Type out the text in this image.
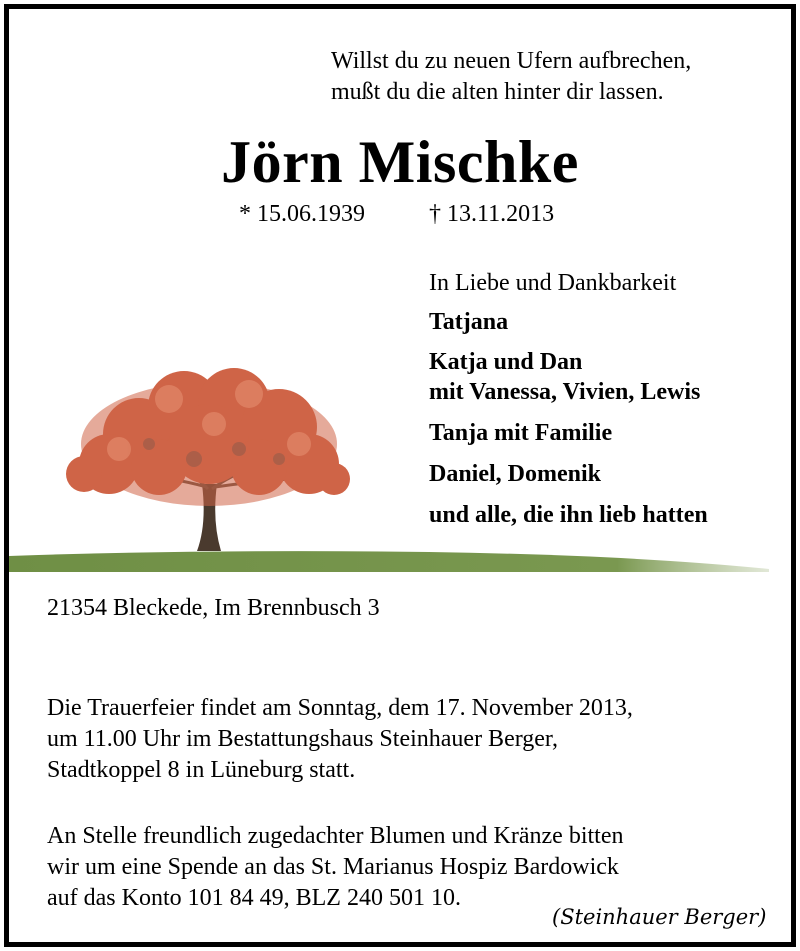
Willst du zu neuen Ufern aufbrechen,
mußt du die alten hinter dir lassen.
Jörn Mischke
* 15.06.1939	† 13.11.2013
In Liebe und Dankbarkeit
Tatjana
Katja und Dan
mit Vanessa, Vivien, Lewis
Tanja mit Familie
Daniel, Domenik
und alle, die ihn lieb hatten
21354 Bleckede, Im Brennbusch 3
Die Trauerfeier findet am Sonntag, dem 17. November 2013,
um 11.00 Uhr im Bestattungshaus Steinhauer Berger,
Stadtkoppel 8 in Lüneburg statt.
An Stelle freundlich zugedachter Blumen und Kränze bitten
wir um eine Spende an das St. Marianus Hospiz Bardowick
auf das Konto 101 84 49, BLZ 240 501 10.
(Steinhauer Berger)
